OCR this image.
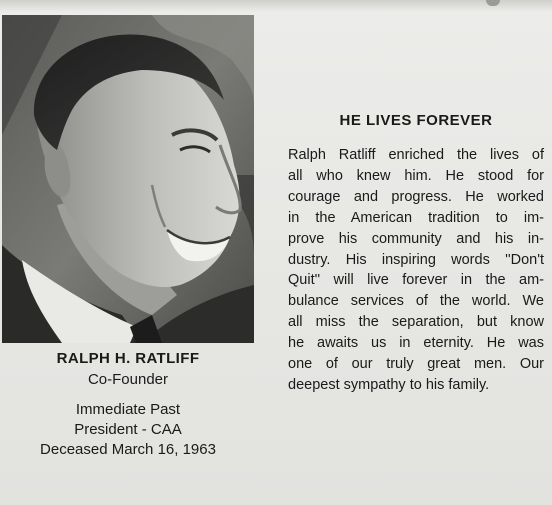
RALPH H. RATLIFF
Co-Founder
Immediate Past
President - CAA
Deceased March 16, 1963
HE LIVES FOREVER
Ralph Ratliff enriched the lives of
all who knew him. He stood for
courage and progress. He worked
in the American tradition to im-
prove his community and his in-
dustry. His inspiring words ''Don't
Quit'' will live forever in the am-
bulance services of the world. We
all miss the separation, but know
he awaits us in eternity. He was
one of our truly great men. Our
deepest sympathy to his family.
